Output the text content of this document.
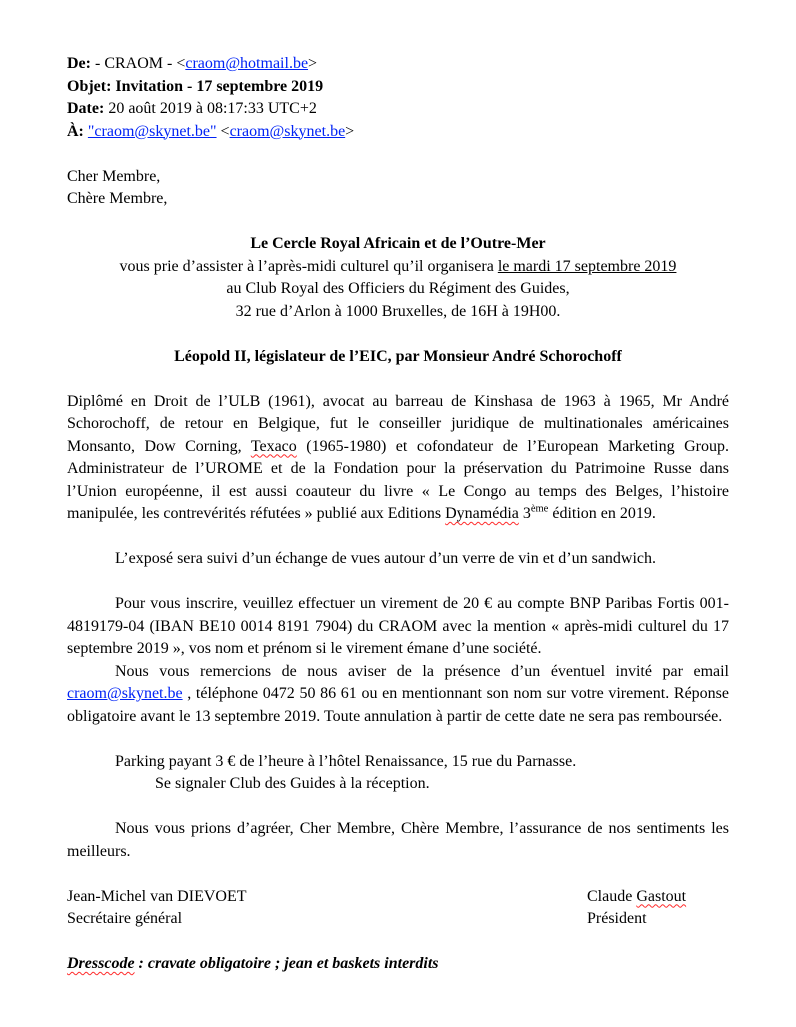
De: - CRAOM - <craom@hotmail.be>

Objet: Invitation - 17 septembre 2019

Date: 20 août 2019 à 08:17:33 UTC+2

À: "craom@skynet.be" <craom@skynet.be>

Cher Membre,

Chère Membre,

Le Cercle Royal Africain et de l’Outre-Mer

vous prie d’assister à l’après-midi culturel qu’il organisera le mardi 17 septembre 2019

au Club Royal des Officiers du Régiment des Guides,

32 rue d’Arlon à 1000 Bruxelles, de 16H à 19H00.

Léopold II, législateur de l’EIC, par Monsieur André Schorochoff

Diplômé en Droit de l’ULB (1961), avocat au barreau de Kinshasa de 1963 à 1965, Mr André Schorochoff, de retour en Belgique, fut le conseiller juridique de multinationales américaines Monsanto, Dow Corning, Texaco (1965-1980) et cofondateur de l’European Marketing Group. Administrateur de l’UROME et de la Fondation pour la préservation du Patrimoine Russe dans l’Union européenne, il est aussi coauteur du livre « Le Congo au temps des Belges, l’histoire manipulée, les contrevérités réfutées » publié aux Editions Dynamédia 3ème édition en 2019.

L’exposé sera suivi d’un échange de vues autour d’un verre de vin et d’un sandwich.

Pour vous inscrire, veuillez effectuer un virement de 20 € au compte BNP Paribas Fortis 001-4819179-04 (IBAN BE10 0014 8191 7904) du CRAOM avec la mention « après-midi culturel du 17 septembre 2019 », vos nom et prénom si le virement émane d’une société.

Nous vous remercions de nous aviser de la présence d’un éventuel invité par email craom@skynet.be , téléphone 0472 50 86 61 ou en mentionnant son nom sur votre virement. Réponse obligatoire avant le 13 septembre 2019. Toute annulation à partir de cette date ne sera pas remboursée.

Parking payant 3 € de l’heure à l’hôtel Renaissance, 15 rue du Parnasse.

Se signaler Club des Guides à la réception.

Nous vous prions d’agréer, Cher Membre, Chère Membre, l’assurance de nos sentiments les meilleurs.

Jean-Michel van DIEVOET

Secrétaire général

Claude Gastout

Président

Dresscode : cravate obligatoire ; jean et baskets interdits
